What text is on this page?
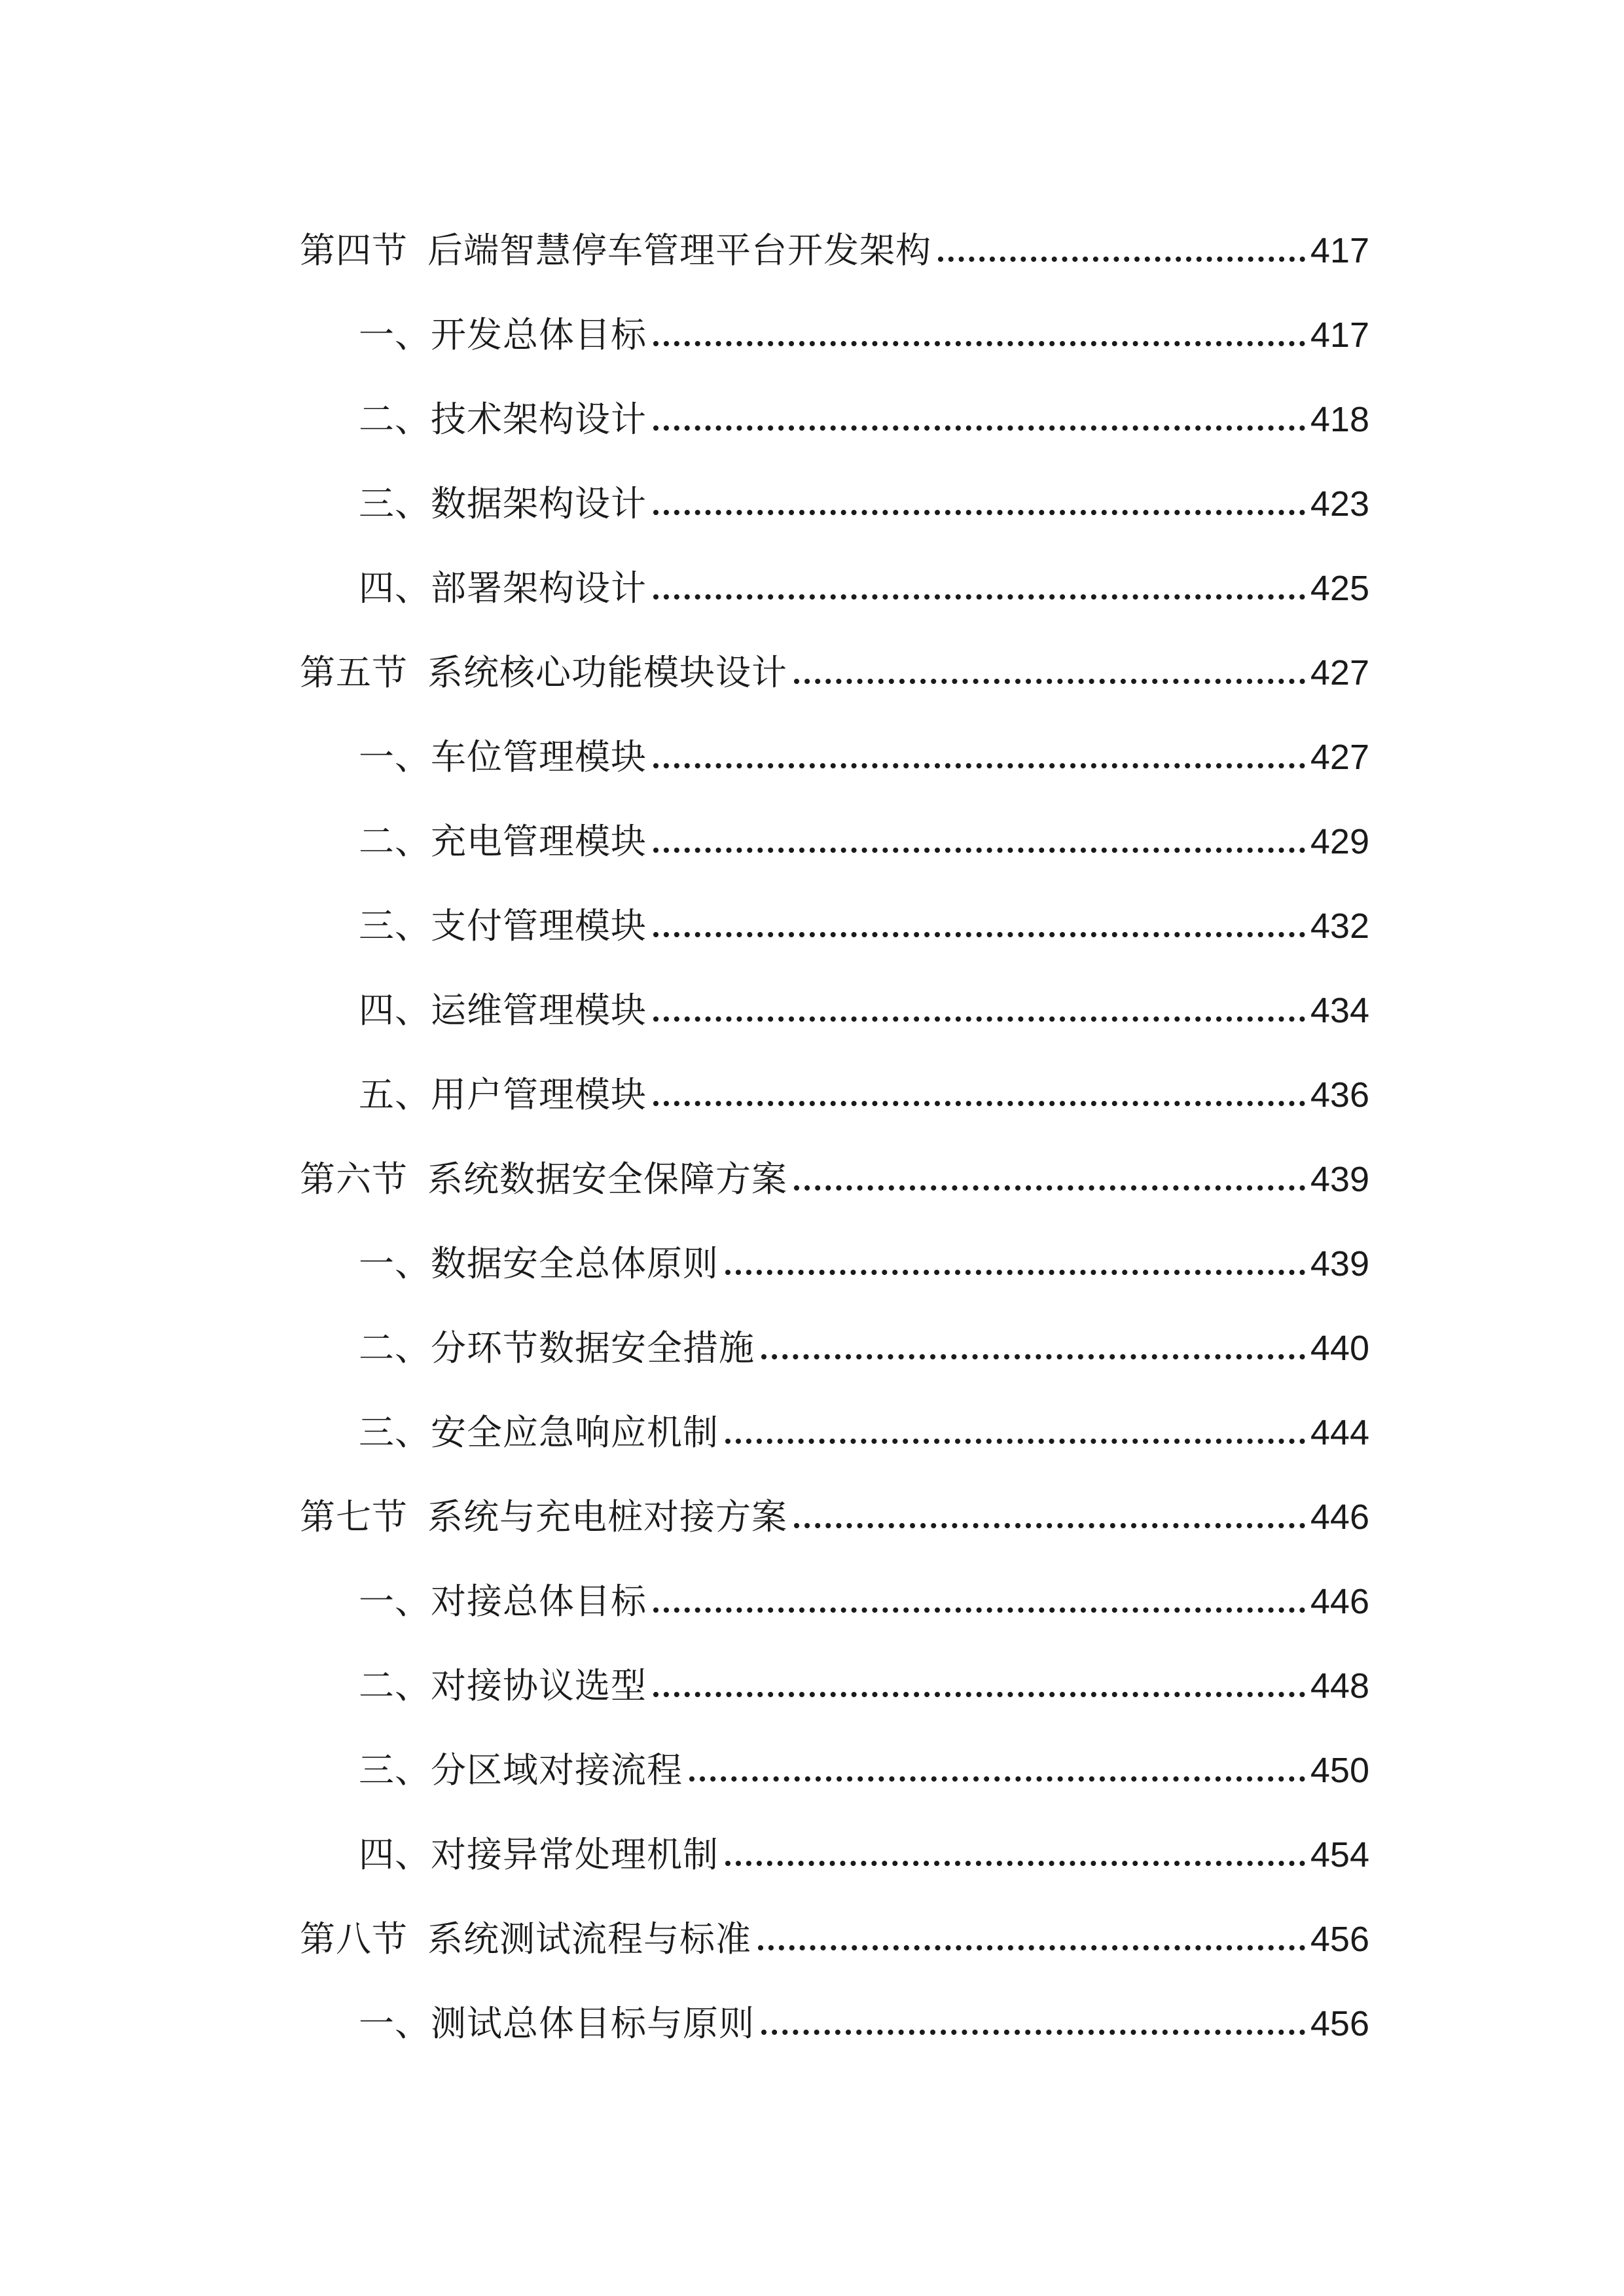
第四节 后端智慧停车管理平台开发架构	417
一、开发总体目标	417
二、技术架构设计	418
三、数据架构设计	423
四、部署架构设计	425
第五节 系统核心功能模块设计	427
一、车位管理模块	427
二、充电管理模块	429
三、支付管理模块	432
四、运维管理模块	434
五、用户管理模块	436
第六节 系统数据安全保障方案	439
一、数据安全总体原则	439
二、分环节数据安全措施	440
三、安全应急响应机制	444
第七节 系统与充电桩对接方案	446
一、对接总体目标	446
二、对接协议选型	448
三、分区域对接流程	450
四、对接异常处理机制	454
第八节 系统测试流程与标准	456
一、测试总体目标与原则	456
